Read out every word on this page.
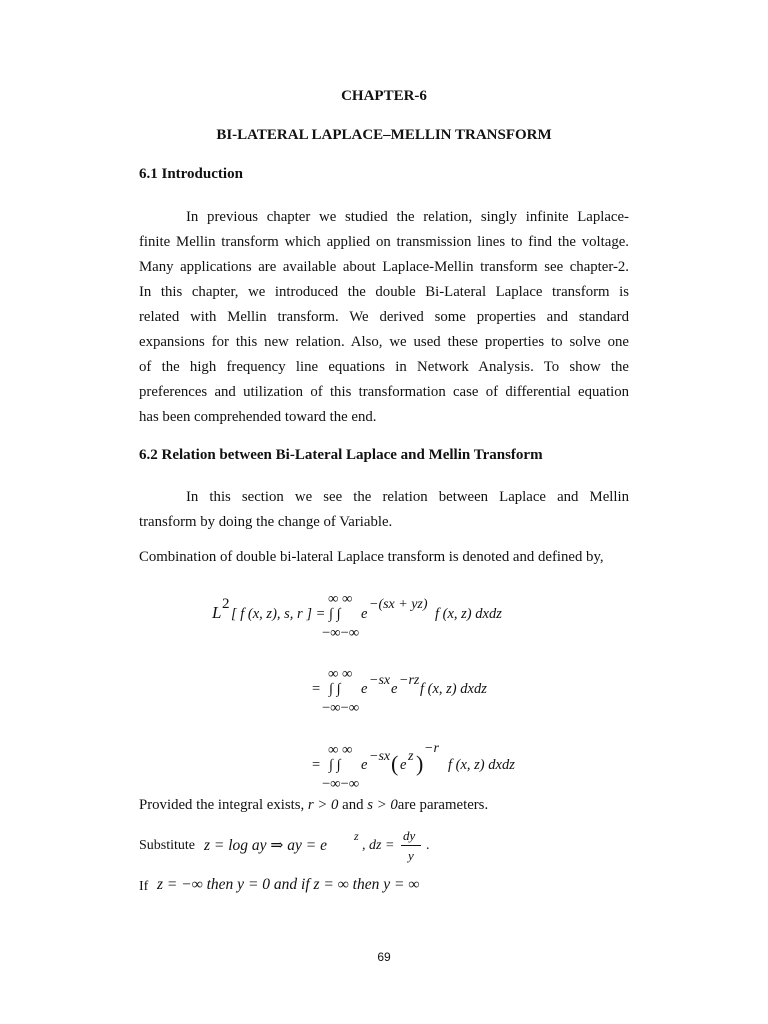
CHAPTER-6
BI-LATERAL LAPLACE–MELLIN TRANSFORM
6.1 Introduction
In previous chapter we studied the relation, singly infinite Laplace-
finite Mellin transform which applied on transmission lines to find the voltage.
Many applications are available about Laplace-Mellin transform see chapter-2.
In this chapter, we introduced the double Bi-Lateral Laplace transform is
related with Mellin transform. We derived some properties and standard
expansions for this new relation. Also, we used these properties to solve one
of the high frequency line equations in Network Analysis. To show the
preferences and utilization of this transformation case of differential equation
has been comprehended toward the end.
6.2 Relation between Bi-Lateral Laplace and Mellin Transform
In this section we see the relation between Laplace and Mellin
transform by doing the change of Variable.
Combination of double bi-lateral Laplace transform is denoted and defined by,
L 2
[ f (x, z), s, r ] =
∞ ∞
∫ ∫
−∞−∞
e
−(sx + yz)
f (x, z) dxdz
=
∞ ∞
∫ ∫
−∞−∞
e
−sx
e
−rz
f (x, z) dxdz
=
∞ ∞
∫ ∫
−∞−∞
e
−sx ( e
z )
−r
f (x, z) dxdz
Provided the integral exists, r > 0 and s > 0are parameters.
Substitute z = log ay ⇒ ay = e
z
, dz =
dy
y
.
If z = −∞ then y = 0 and if z = ∞ then y = ∞
69
